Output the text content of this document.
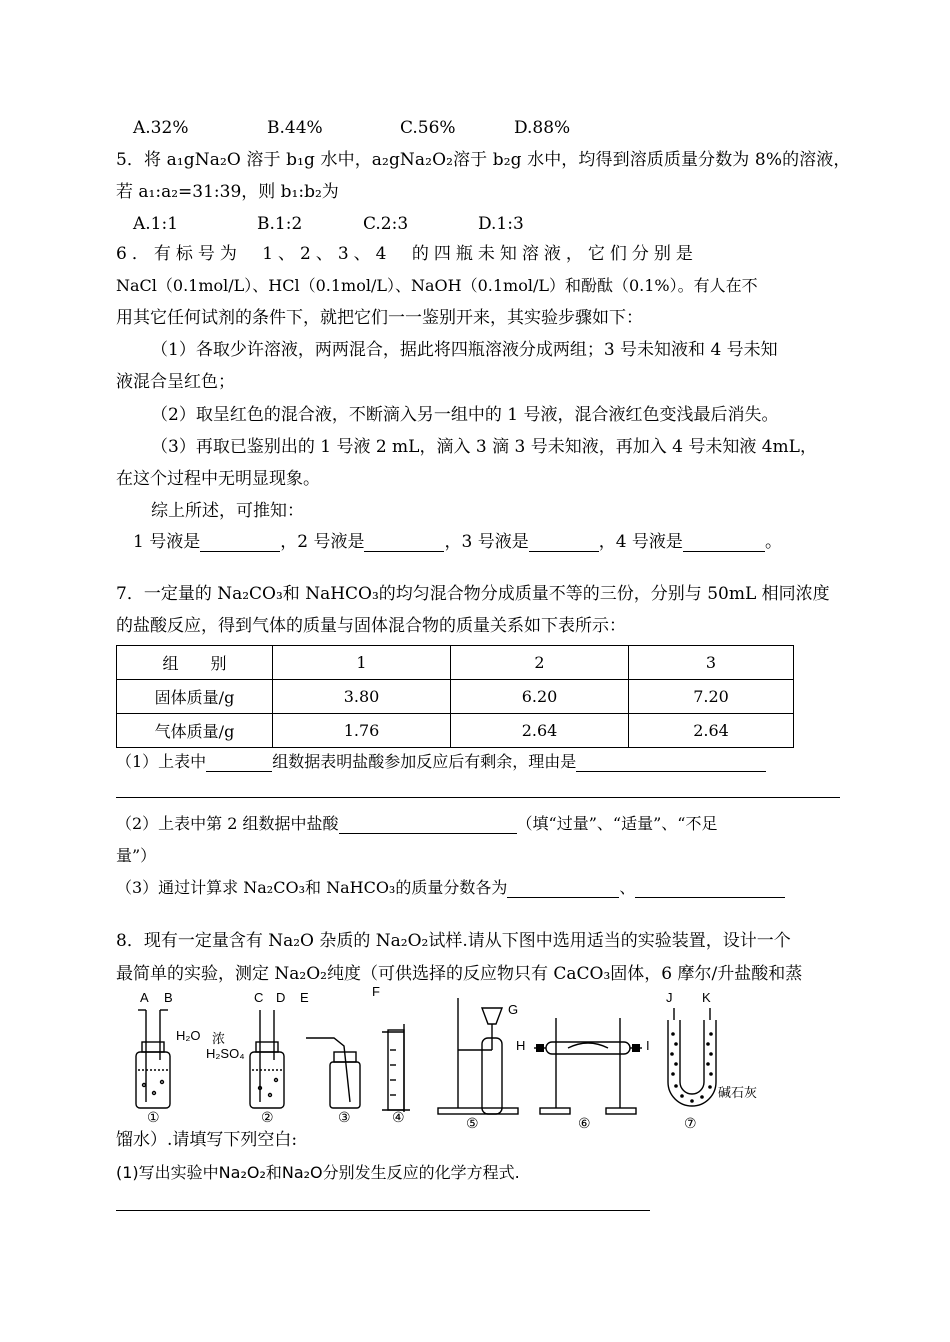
A.32%	B.44%	C.56%	D.88%
5．将 a₁gNa₂O 溶于 b₁g 水中，a₂gNa₂O₂溶于 b₂g 水中，均得到溶质质量分数为 8%的溶液，
若 a₁:a₂=31:39，则 b₁:b₂为
A.1:1	B.1:2	C.2:3	D.1:3
6．有标号为 1、2、3、4 的四瓶未知溶液，它们分别是
NaCl（0.1mol/L）、HCl（0.1mol/L）、NaOH（0.1mol/L）和酚酞（0.1%）。有人在不
用其它任何试剂的条件下，就把它们一一鉴别开来，其实验步骤如下：
（1）各取少许溶液，两两混合，据此将四瓶溶液分成两组；3 号未知液和 4 号未知
液混合呈红色；
（2）取呈红色的混合液，不断滴入另一组中的 1 号液，混合液红色变浅最后消失。
（3）再取已鉴别出的 1 号液 2 mL，滴入 3 滴 3 号未知液，再加入 4 号未知液 4mL，
在这个过程中无明显现象。
综上所述，可推知：
1 号液是	，2 号液是	，3 号液是	，4 号液是	。
7．一定量的 Na₂CO₃和 NaHCO₃的均匀混合物分成质量不等的三份，分别与 50mL 相同浓度
的盐酸反应，得到气体的质量与固体混合物的质量关系如下表所示：
组　　别	1	2	3
固体质量/g	3.80	6.20	7.20
气体质量/g	1.76	2.64	2.64
（1）上表中	组数据表明盐酸参加反应后有剩余，理由是
（2）上表中第 2 组数据中盐酸	（填“过量”、“适量”、“不足
量”）
（3）通过计算求 Na₂CO₃和 NaHCO₃的质量分数各为	、
8．现有一定量含有 Na₂O 杂质的 Na₂O₂试样.请从下图中选用适当的实验装置，设计一个
最简单的实验，测定 Na₂O₂纯度（可供选择的反应物只有 CaCO₃固体，6 摩尔/升盐酸和蒸
A B	C D E	F
G
H	I
J K
H₂O 浓
H₂SO₄
碱石灰
①	②	③	④	⑤	⑥	⑦
馏水）.请填写下列空白:
(1)写出实验中Na₂O₂和Na₂O分别发生反应的化学方程式.
